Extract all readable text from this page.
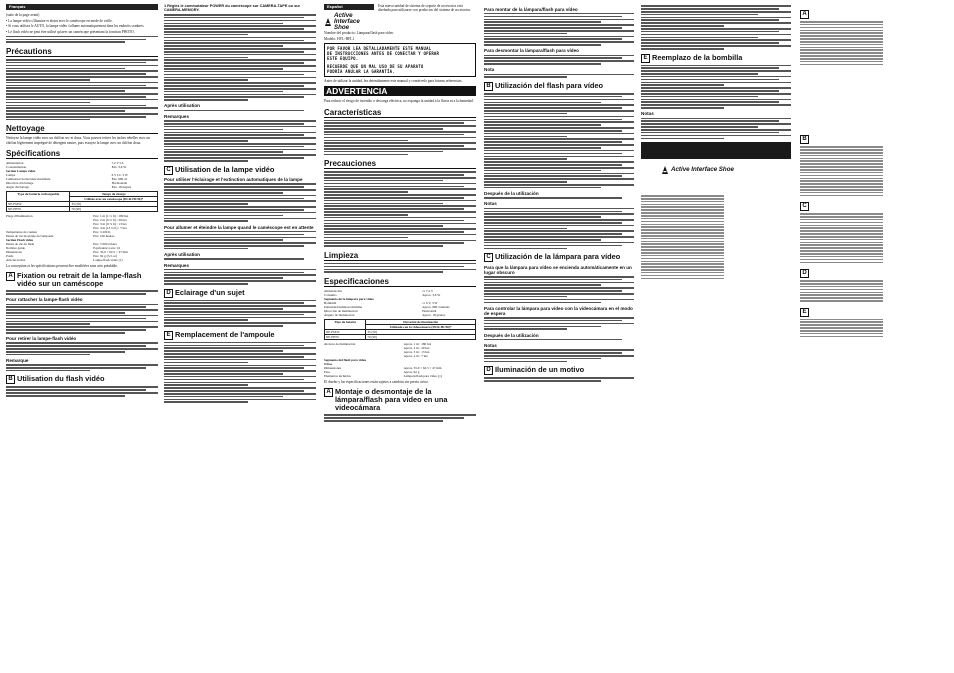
Français

(suite de la page avant)

• La lampe vidéo s'illumine et éteint avec le caméscope en mode de veille.

• Si vous utilisez le AUTO, la lampe vidéo s'allume automatiquement dans les endroits sombres.

• Le flash vidéo ne peut être utilisé qu'avec un caméscope présentant la fonction PHOTO.

Précautions
Nettoyage

Nettoyez la lampe vidéo avec un chiffon sec et doux. Vous pouvez retirer les taches rebelles avec un chiffon légèrement imprégné de détergent neutre, puis essuyez la lampe avec un chiffon doux.

Spécifications
Alimentation	7,2 V CC
Consommation	Env. 3,6 W
Section Lampe vidéo	
Lampe	6 V CC 3 W
Luminance horizontale maximale	Env. 680 cd
Direction d'éclairage	Horizontale
Angle d'éclairage	Env. 18 degrés
Type de batterie rechargeable	Temps de charge
	Utilisée avec un caméscope (DCR-HC96)*
NP-FM50	35 (50)
NP-FH70	70 (90)
Plage d'illumination	Env. 1 m (1 ⅓ ft) : 180 lux
	Env. 2 m (6 ⅔ ft) : 29 lux
	Env. 3 m (9 ⅞ ft) : 13 lux
	Env. 4 m (13 ⅛ ft) : 7 lux
Température de couleur	Env. 3 200 K
Durée de vie moyenne de l'ampoule	Env. 100 heures
Section Flash vidéo	
Durée de vie du flash	Env. 5 000 éclairs
Nombre guide	Equivalent à env. 10
Dimensions	Env. 35,9 × 62,5 × 47 mm
Poids	Env. 92 g (3,3 oz)
Articles inclus	Lampe flash vidéo (1)

La conception et les spécifications peuvent être modifiées sans avis préalable.

A Fixation ou retrait de la lampe-flash vidéo sur un caméscope
Pour rattacher la lampe-flash vidéo
Pour retirer la lampe-flash vidéo
Remarque
B Utilisation du flash vidéo

1 Réglez le commutateur POWER du caméscope sur CAMERA-TAPE ou sur CAMERA-MEMORY.

Après utilisation
Remarques
C Utilisation de la lampe vidéo
Pour utiliser l'éclairage et l'extinction automatiques de la lampe
Pour allumer et éteindre la lampe quand le caméscope est en attente
Après utilisation
Remarques
D Eclairage d'un sujet
E Remplacement de l'ampoule
Español
Active Interface Shoe

Esta nueva unidad de sistema de soporte de accesorios está diseñada para utilizarse con productos del sistema de accesorios.

Nombre del producto: Lámpara/flash para vídeo

Modelo: HVL-HFL1

POR FAVOR LEA DETALLADAMENTE ESTE MANUAL
DE INSTRUCCIONES ANTES DE CONECTAR Y OPERAR
ESTE EQUIPO.
RECUERDE QUE UN MAL USO DE SU APARATO
PODRÍA ANULAR LA GARANTÍA.

Antes de utilizar la unidad, lea detenidamente este manual y consérvelo para futuras referencias.

ADVERTENCIA

Para reducir el riesgo de incendio o descarga eléctrica, no exponga la unidad a la lluvia ni a la humedad.

Características
Precauciones
Limpieza
Especificaciones
Alimentación	cc 7,2 V
Consumo	Aprox. 3,6 W
Segmento de la lámpara para vídeo	
Bombilla	cc 6 V, 3 W
Intensidad luminosa máxima	Aprox. 680 candelas
Dirección de iluminación	Horizontal
Ángulo de iluminación	Aprox. 18 grados
Tipo de batería	Duración de iluminación
	Utilizada con la videocámara (DCR-HC96)*
NP-FM50	35 (50)
NP-FH70	70 (90)
Alcance de iluminación	Aprox. 1 m : 180 lux
	Aprox. 2 m : 29 lux
	Aprox. 3 m : 13 lux
	Aprox. 4 m : 7 lux
Segmento del flash para vídeo	
Otros	
Dimensiones	Aprox. 35,9 × 62,5 × 47 mm
Peso	Aprox. 92 g
Elementos incluidos	Lámpara/flash para vídeo (1)

El diseño y las especificaciones están sujetos a cambios sin previo aviso.

A Montaje o desmontaje de la lámpara/flash para vídeo en una videocámara
Para montar de la lámpara/flash para vídeo
Para desmontar la lámpara/flash para vídeo
Nota
B Utilización del flash para vídeo
Después de la utilización
Notas
C Utilización de la lámpara para vídeo
Para que la lámpara para vídeo se encienda automáticamente en un lugar obscuro
Para controlar la lámpara para vídeo con la videocámara en el modo de espera
Después de la utilización
Notas
D Iluminación de un motivo
E Reemplazo de la bombilla
Notas
Active Interface Shoe
A
B
C
D
E
